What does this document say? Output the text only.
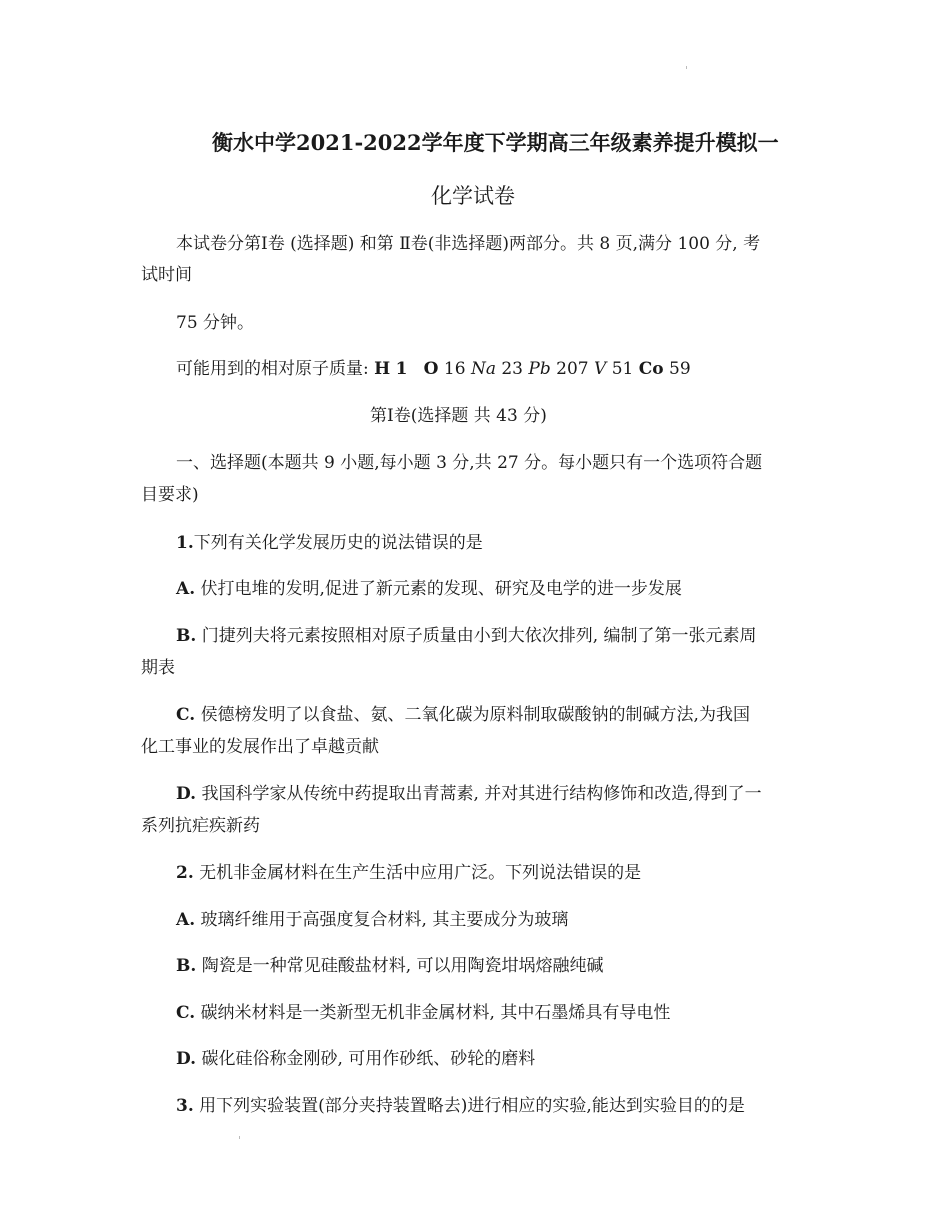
衡水中学2021-2022学年度下学期高三年级素养提升模拟一
化学试卷
本试卷分第Ⅰ卷 (选择题) 和第 Ⅱ卷(非选择题)两部分。共 8 页,满分 100 分, 考
试时间
75 分钟。
可能用到的相对原子质量: H 1 O 16 Na 23 Pb 207 V 51 Co 59
第Ⅰ卷(选择题 共 43 分)
一、选择题(本题共 9 小题,每小题 3 分,共 27 分。每小题只有一个选项符合题
目要求)
1.下列有关化学发展历史的说法错误的是
A. 伏打电堆的发明,促进了新元素的发现、研究及电学的进一步发展
B. 门捷列夫将元素按照相对原子质量由小到大依次排列, 编制了第一张元素周
期表
C. 侯德榜发明了以食盐、氨、二氧化碳为原料制取碳酸钠的制碱方法,为我国
化工事业的发展作出了卓越贡献
D. 我国科学家从传统中药提取出青蒿素, 并对其进行结构修饰和改造,得到了一
系列抗疟疾新药
2. 无机非金属材料在生产生活中应用广泛。下列说法错误的是
A. 玻璃纤维用于高强度复合材料, 其主要成分为玻璃
B. 陶瓷是一种常见硅酸盐材料, 可以用陶瓷坩埚熔融纯碱
C. 碳纳米材料是一类新型无机非金属材料, 其中石墨烯具有导电性
D. 碳化硅俗称金刚砂, 可用作砂纸、砂轮的磨料
3. 用下列实验装置(部分夹持装置略去)进行相应的实验,能达到实验目的的是
